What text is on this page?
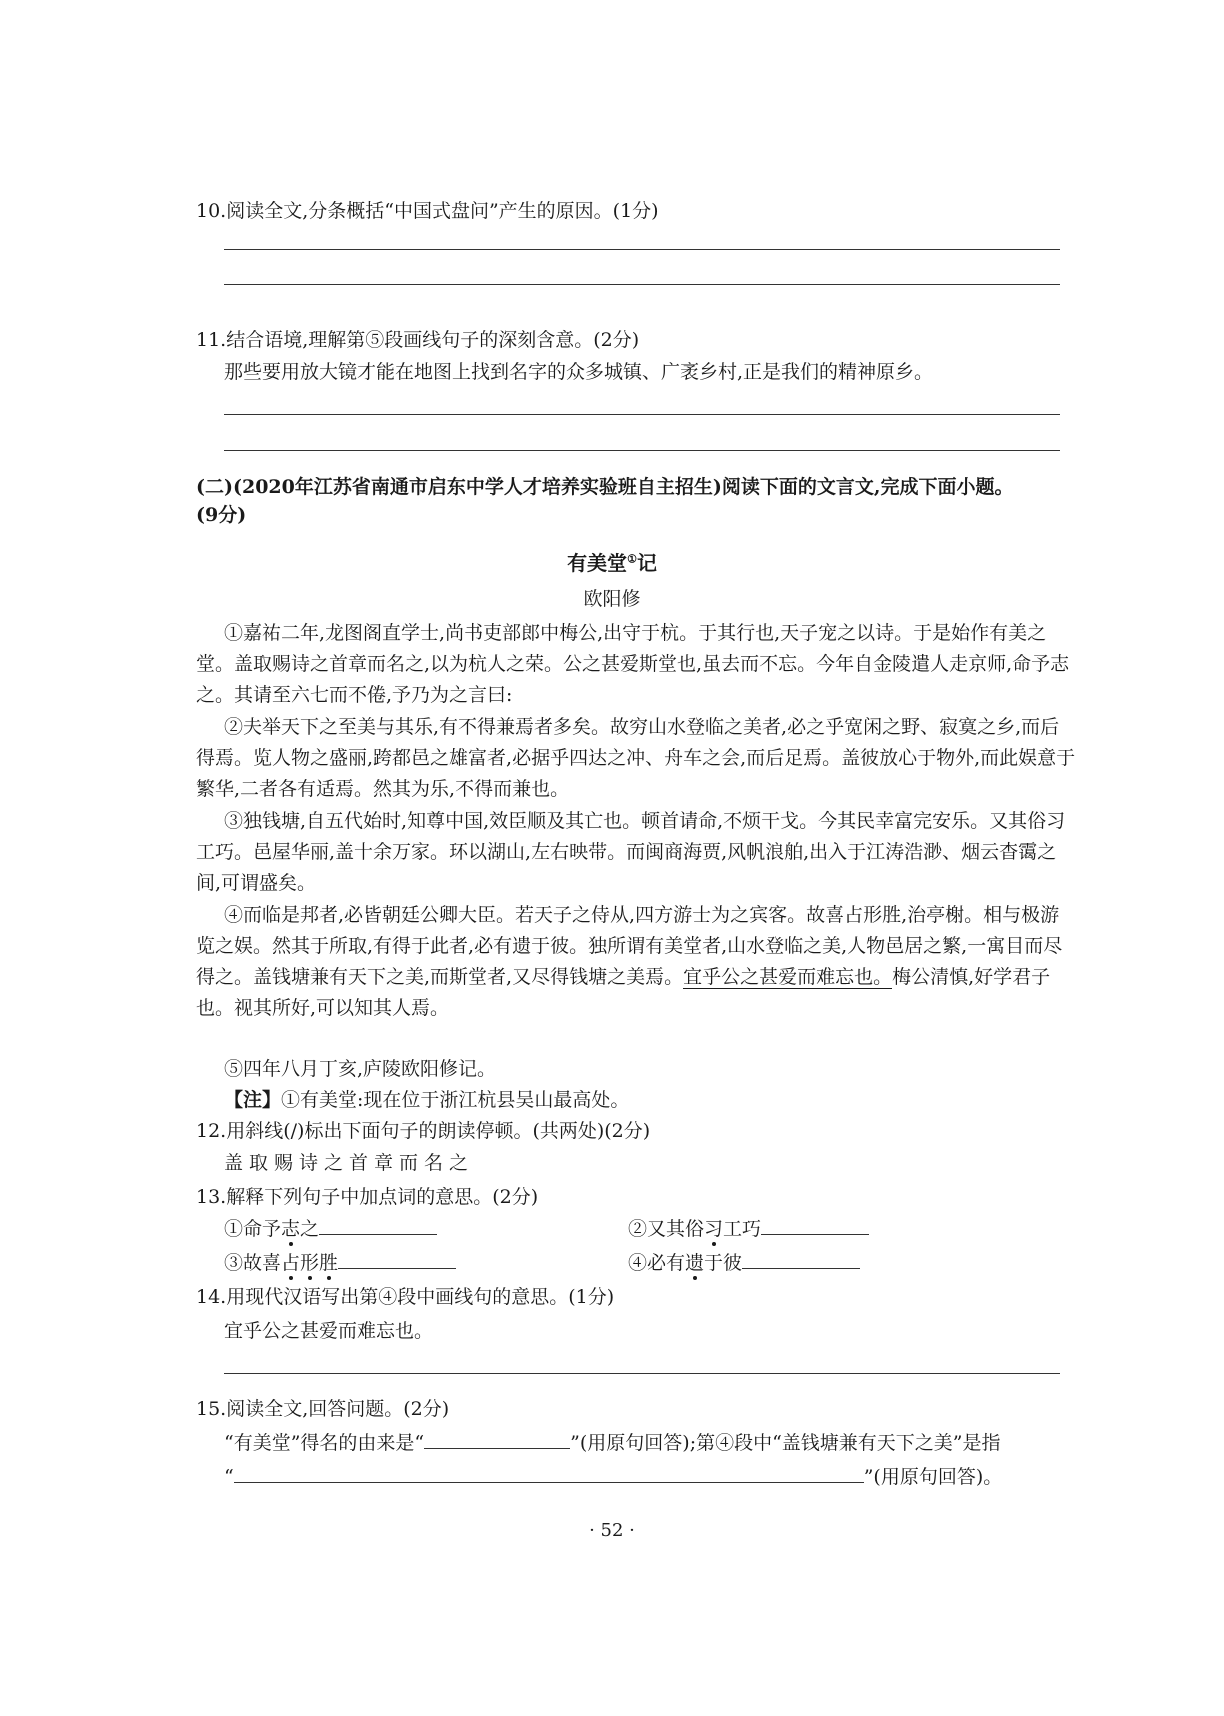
10.阅读全文,分条概括“中国式盘问”产生的原因。(1分)
11.结合语境,理解第⑤段画线句子的深刻含意。(2分)
那些要用放大镜才能在地图上找到名字的众多城镇、广袤乡村,正是我们的精神原乡。
(二)(2020年江苏省南通市启东中学人才培养实验班自主招生)阅读下面的文言文,完成下面小题。
(9分)
有美堂①记
欧阳修
①嘉祐二年,龙图阁直学士,尚书吏部郎中梅公,出守于杭。于其行也,天子宠之以诗。于是始作有美之堂。盖取赐诗之首章而名之,以为杭人之荣。公之甚爱斯堂也,虽去而不忘。今年自金陵遣人走京师,命予志之。其请至六七而不倦,予乃为之言曰:
②夫举天下之至美与其乐,有不得兼焉者多矣。故穷山水登临之美者,必之乎宽闲之野、寂寞之乡,而后得焉。览人物之盛丽,跨都邑之雄富者,必据乎四达之冲、舟车之会,而后足焉。盖彼放心于物外,而此娱意于繁华,二者各有适焉。然其为乐,不得而兼也。
③独钱塘,自五代始时,知尊中国,效臣顺及其亡也。顿首请命,不烦干戈。今其民幸富完安乐。又其俗习工巧。邑屋华丽,盖十余万家。环以湖山,左右映带。而闽商海贾,风帆浪舶,出入于江涛浩渺、烟云杳霭之间,可谓盛矣。
④而临是邦者,必皆朝廷公卿大臣。若天子之侍从,四方游士为之宾客。故喜占形胜,治亭榭。相与极游览之娱。然其于所取,有得于此者,必有遗于彼。独所谓有美堂者,山水登临之美,人物邑居之繁,一寓目而尽得之。盖钱塘兼有天下之美,而斯堂者,又尽得钱塘之美焉。宜乎公之甚爱而难忘也。梅公清慎,好学君子也。视其所好,可以知其人焉。
⑤四年八月丁亥,庐陵欧阳修记。
【注】①有美堂:现在位于浙江杭县吴山最高处。
12.用斜线(/)标出下面句子的朗读停顿。(共两处)(2分)
盖取赐诗之首章而名之
13.解释下列句子中加点词的意思。(2分)
①命予志之	②又其俗习工巧
③故喜占形胜	④必有遗于彼
14.用现代汉语写出第④段中画线句的意思。(1分)
宜乎公之甚爱而难忘也。
15.阅读全文,回答问题。(2分)
“有美堂”得名的由来是“	”(用原句回答);第④段中“盖钱塘兼有天下之美”是指
“	”(用原句回答)。
· 52 ·
